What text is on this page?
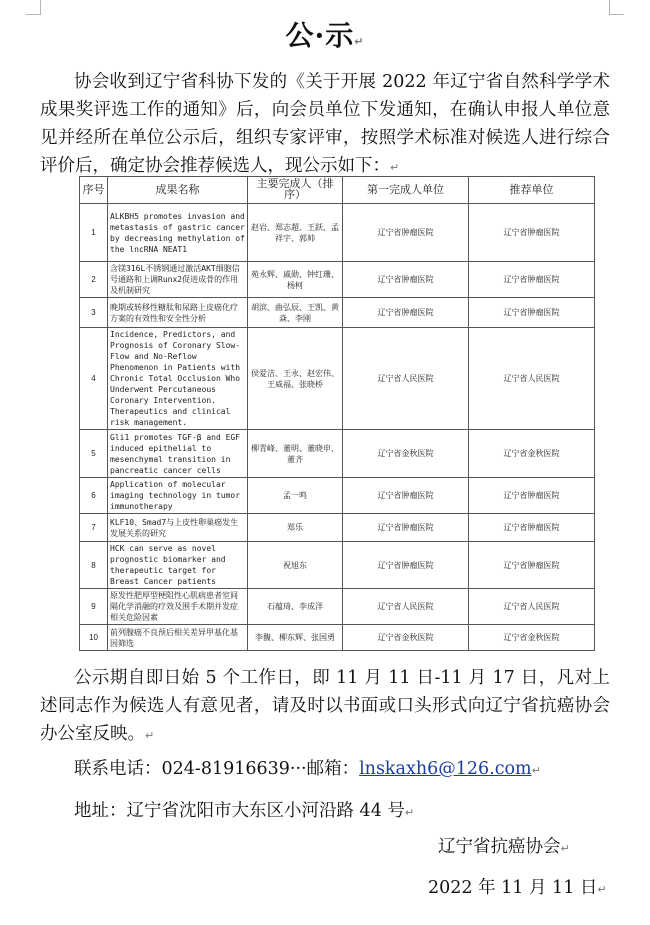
公·示↵
协会收到辽宁省科协下发的《关于开展 2022 年辽宁省自然科学学术成果奖评选工作的通知》后，向会员单位下发通知，在确认申报人单位意见并经所在单位公示后，组织专家评审，按照学术标准对候选人进行综合评价后，确定协会推荐候选人，现公示如下：↵
序号	成果名称	主要完成人（排序）	第一完成人单位	推荐单位
1	ALKBH5 promotes invasion and metastasis of gastric cancer by decreasing methylation of the lncRNA NEAT1	赵岩、郑志超、王跃、孟祥宇、郭帅	辽宁省肿瘤医院	辽宁省肿瘤医院
2	含镁316L不锈钢通过激活AKT细胞信号通路和上调Runx2促进成骨的作用及机制研究	苑永辉、戚勋、钟红珊、杨柯	辽宁省肿瘤医院	辽宁省肿瘤医院
3	晚期或转移性糖肽和尿路上皮癌化疗方案的有效性和安全性分析	胡滨、曲弘辰、王凯、黄焱、李刚	辽宁省肿瘤医院	辽宁省肿瘤医院
4	Incidence, Predictors, and Prognosis of Coronary Slow-Flow and No-Reflow Phenomenon in Patients with Chronic Total Occlusion Who Underwent Percutaneous Coronary Intervention. Therapeutics and clinical risk management.	侯爱洁、王永、赵宏伟、王威福、张晓桥	辽宁省人民医院	辽宁省人民医院
5	Gli1 promotes TGF-β and EGF induced epithelial to mesenchymal transition in pancreatic cancer cells	柳青峰、董明、董晓申、董齐	辽宁省金秋医院	辽宁省金秋医院
6	Application of molecular imaging technology in tumor immunotherapy	孟一鸣	辽宁省肿瘤医院	辽宁省肿瘤医院
7	KLF10、Smad7与上皮性卵巢癌发生发展关系的研究	郑乐	辽宁省肿瘤医院	辽宁省肿瘤医院
8	HCK can serve as novel prognostic biomarker and therapeutic target for Breast Cancer patients	祝旭东	辽宁省肿瘤医院	辽宁省肿瘤医院
9	原发性肥厚型梗阻性心肌病患者室间隔化学消融的疗效及围手术期并发症相关危险因素	石蕴琦、李成洋	辽宁省人民医院	辽宁省人民医院
10	前列腺癌不良预后相关差异甲基化基因筛选	李馥、柳东辉、张国勇	辽宁省金秋医院	辽宁省金秋医院
公示期自即日始 5 个工作日，即 11 月 11 日-11 月 17 日，凡对上述同志作为候选人有意见者，请及时以书面或口头形式向辽宁省抗癌协会办公室反映。↵
联系电话：024-81916639···邮箱：lnskaxh6@126.com↵
地址：辽宁省沈阳市大东区小河沿路 44 号↵
辽宁省抗癌协会↵
2022 年 11 月 11 日↵
